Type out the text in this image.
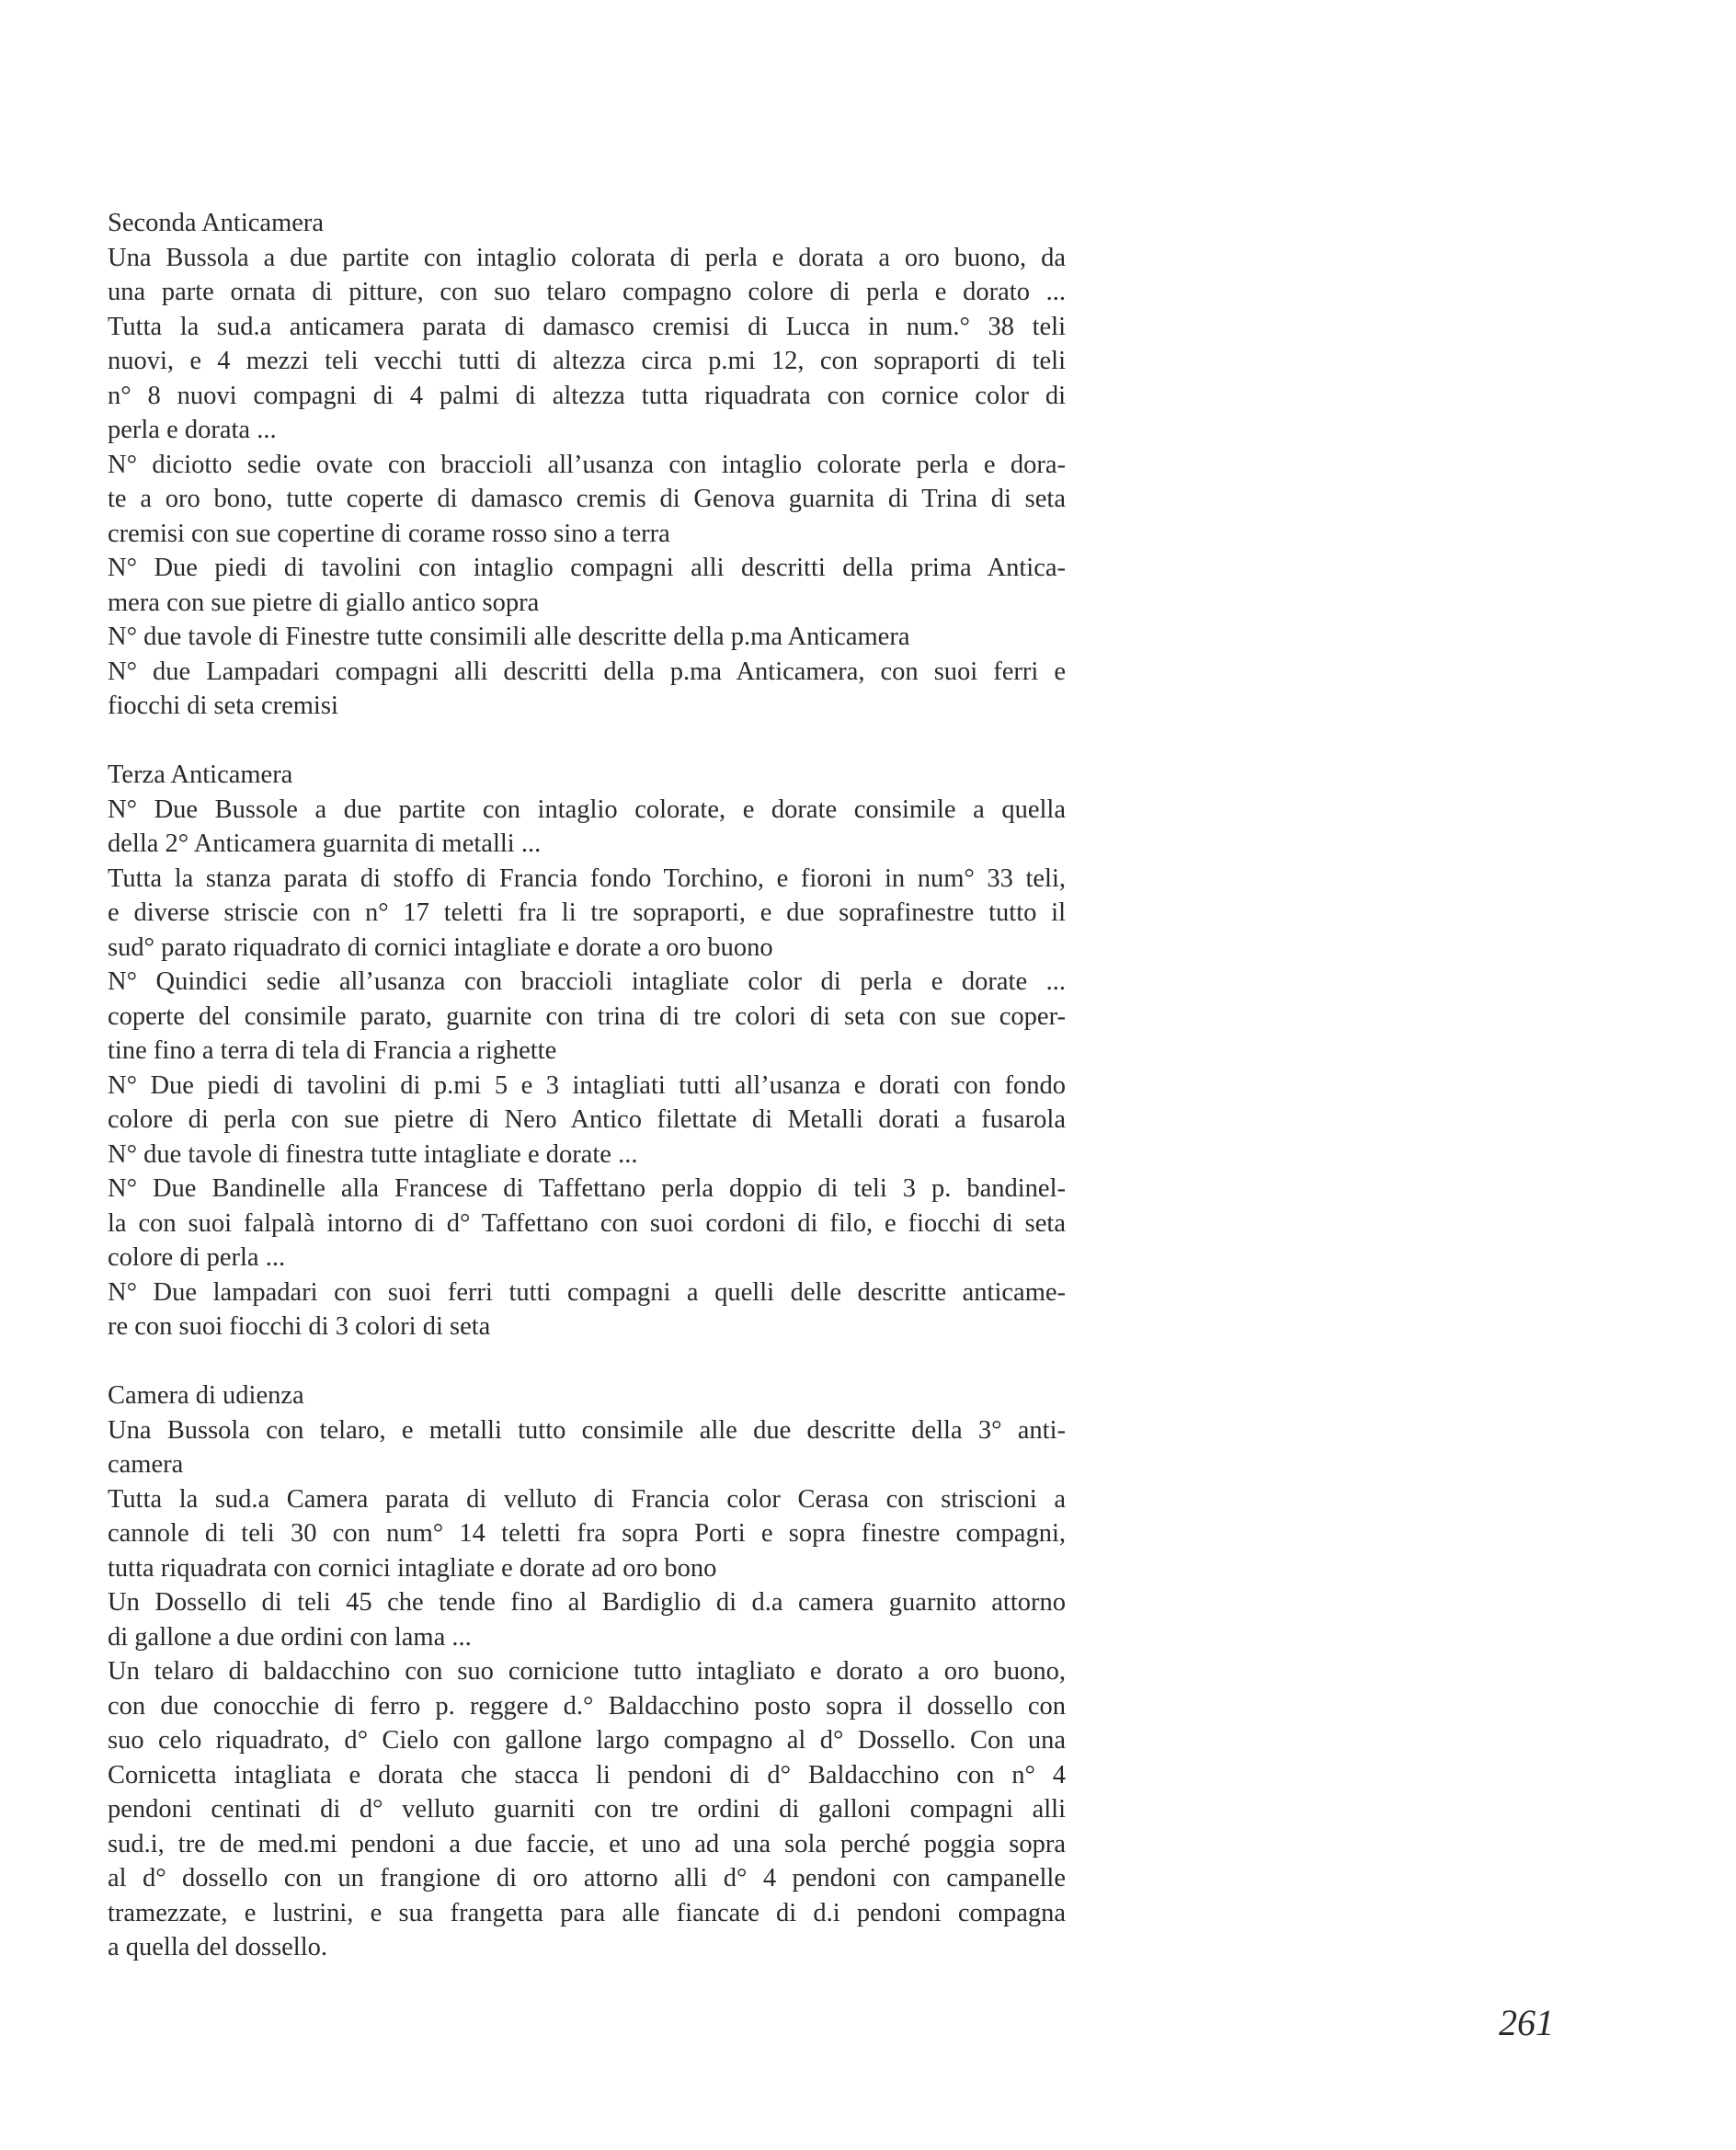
Seconda Anticamera
Una Bussola a due partite con intaglio colorata di perla e dorata a oro buono, da
una parte ornata di pitture, con suo telaro compagno colore di perla e dorato ...
Tutta la sud.a anticamera parata di damasco cremisi di Lucca in num.° 38 teli
nuovi, e 4 mezzi teli vecchi tutti di altezza circa p.mi 12, con sopraporti di teli
n° 8 nuovi compagni di 4 palmi di altezza tutta riquadrata con cornice color di
perla e dorata ...
N° diciotto sedie ovate con braccioli all’usanza con intaglio colorate perla e dora-
te a oro bono, tutte coperte di damasco cremis di Genova guarnita di Trina di seta
cremisi con sue copertine di corame rosso sino a terra
N° Due piedi di tavolini con intaglio compagni alli descritti della prima Antica-
mera con sue pietre di giallo antico sopra
N° due tavole di Finestre tutte consimili alle descritte della p.ma Anticamera
N° due Lampadari compagni alli descritti della p.ma Anticamera, con suoi ferri e
fiocchi di seta cremisi
Terza Anticamera
N° Due Bussole a due partite con intaglio colorate, e dorate consimile a quella
della 2° Anticamera guarnita di metalli ...
Tutta la stanza parata di stoffo di Francia fondo Torchino, e fioroni in num° 33 teli,
e diverse striscie con n° 17 teletti fra li tre sopraporti, e due soprafinestre tutto il
sud° parato riquadrato di cornici intagliate e dorate a oro buono
N° Quindici sedie all’usanza con braccioli intagliate color di perla e dorate ...
coperte del consimile parato, guarnite con trina di tre colori di seta con sue coper-
tine fino a terra di tela di Francia a righette
N° Due piedi di tavolini di p.mi 5 e 3 intagliati tutti all’usanza e dorati con fondo
colore di perla con sue pietre di Nero Antico filettate di Metalli dorati a fusarola
N° due tavole di finestra tutte intagliate e dorate ...
N° Due Bandinelle alla Francese di Taffettano perla doppio di teli 3 p. bandinel-
la con suoi falpalà intorno di d° Taffettano con suoi cordoni di filo, e fiocchi di seta
colore di perla ...
N° Due lampadari con suoi ferri tutti compagni a quelli delle descritte anticame-
re con suoi fiocchi di 3 colori di seta
Camera di udienza
Una Bussola con telaro, e metalli tutto consimile alle due descritte della 3° anti-
camera
Tutta la sud.a Camera parata di velluto di Francia color Cerasa con striscioni a
cannole di teli 30 con num° 14 teletti fra sopra Porti e sopra finestre compagni,
tutta riquadrata con cornici intagliate e dorate ad oro bono
Un Dossello di teli 45 che tende fino al Bardiglio di d.a camera guarnito attorno
di gallone a due ordini con lama ...
Un telaro di baldacchino con suo cornicione tutto intagliato e dorato a oro buono,
con due conocchie di ferro p. reggere d.° Baldacchino posto sopra il dossello con
suo celo riquadrato, d° Cielo con gallone largo compagno al d° Dossello. Con una
Cornicetta intagliata e dorata che stacca li pendoni di d° Baldacchino con n° 4
pendoni centinati di d° velluto guarniti con tre ordini di galloni compagni alli
sud.i, tre de med.mi pendoni a due faccie, et uno ad una sola perché poggia sopra
al d° dossello con un frangione di oro attorno alli d° 4 pendoni con campanelle
tramezzate, e lustrini, e sua frangetta para alle fiancate di d.i pendoni compagna
a quella del dossello.
261
